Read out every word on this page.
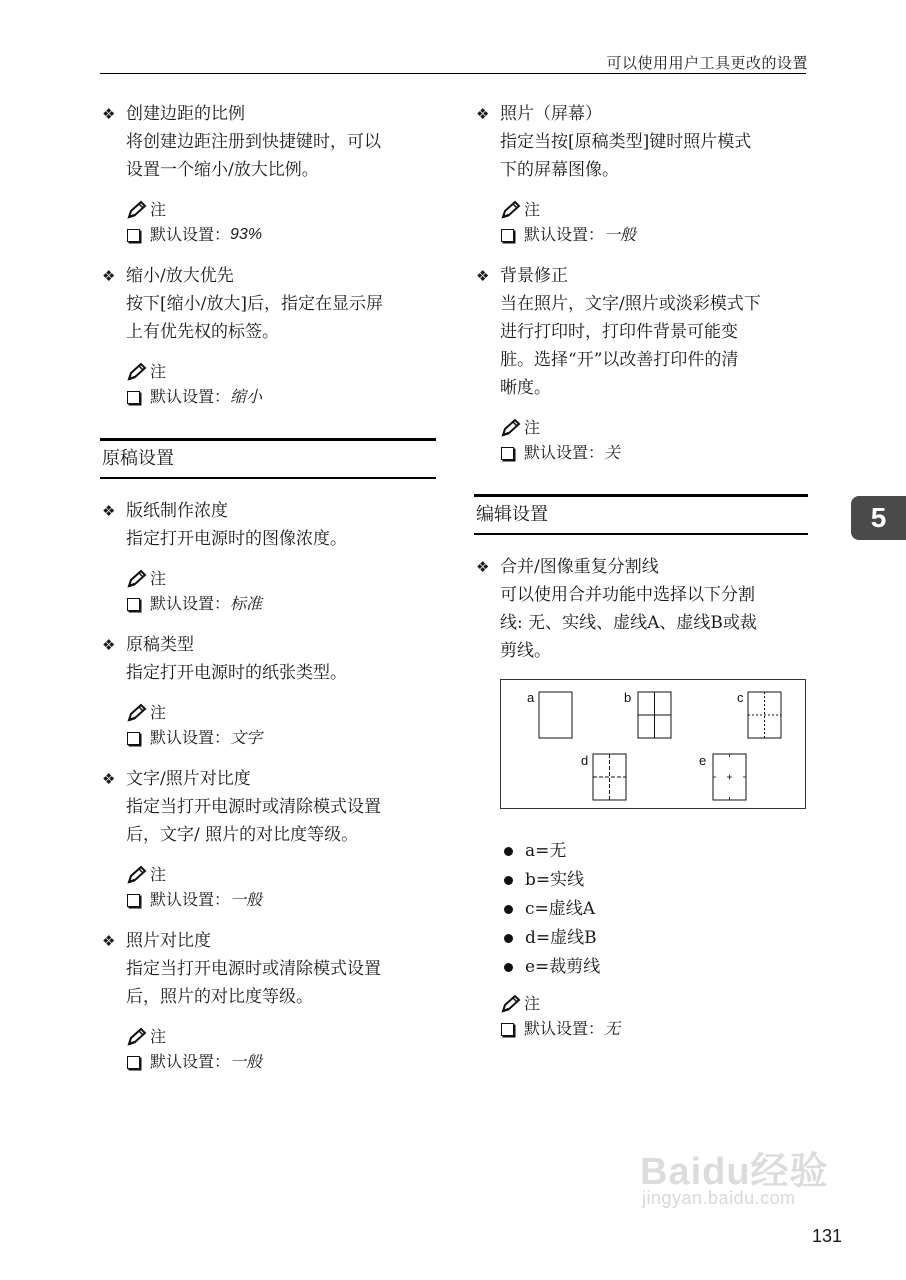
可以使用用户工具更改的设置
5
❖ 创建边距的比例
将创建边距注册到快捷键时，可以
设置一个缩小/放大比例。
注
默认设置： 93%
❖ 缩小/放大优先
按下[缩小/放大]后，指定在显示屏
上有优先权的标签。
注
默认设置： 缩小
原稿设置
❖ 版纸制作浓度
指定打开电源时的图像浓度。
注
默认设置： 标准
❖ 原稿类型
指定打开电源时的纸张类型。
注
默认设置： 文字
❖ 文字/照片对比度
指定当打开电源时或清除模式设置
后，文字/ 照片的对比度等级。
注
默认设置： 一般
❖ 照片对比度
指定当打开电源时或清除模式设置
后，照片的对比度等级。
注
默认设置： 一般
❖ 照片（屏幕）
指定当按[原稿类型]键时照片模式
下的屏幕图像。
注
默认设置： 一般
❖ 背景修正
当在照片，文字/照片或淡彩模式下
进行打印时，打印件背景可能变
脏。选择“开”以改善打印件的清
晰度。
注
默认设置： 关
编辑设置
❖ 合并/图像重复分割线
可以使用合并功能中选择以下分割
线: 无、实线、虚线A、虚线B或裁
剪线。
a	b	c
d	e
a=无
b=实线
c=虚线A
d=虚线B
e=裁剪线
注
默认设置： 无
Baidu经验
jingyan.baidu.com
131
